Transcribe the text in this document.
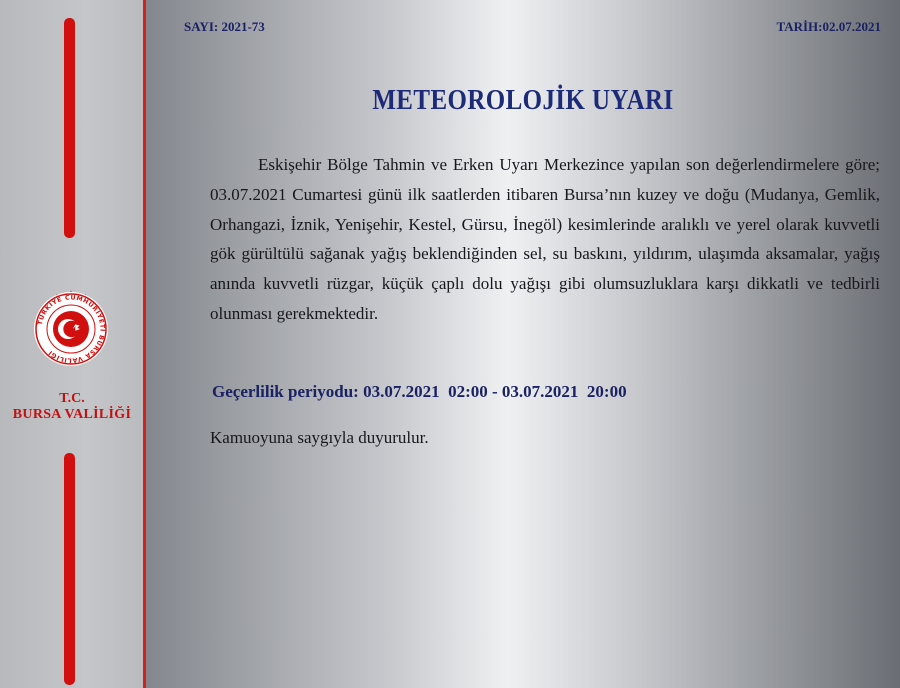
TÜRKİYE CUMHURİYETİ BURSA VALİLİĞİ
T.C.
BURSA VALİLİĞİ
SAYI: 2021-73	TARİH:02.07.2021
METEOROLOJİK UYARI

Eskişehir Bölge Tahmin ve Erken Uyarı Merkezince yapılan son değerlendirmelere göre; 03.07.2021 Cumartesi günü ilk saatlerden itibaren Bursa’nın kuzey ve doğu (Mudanya, Gemlik, Orhangazi, İznik, Yenişehir, Kestel, Gürsu, İnegöl) kesimlerinde aralıklı ve yerel olarak kuvvetli gök gürültülü sağanak yağış beklendiğinden sel, su baskını, yıldırım, ulaşımda aksamalar, yağış anında kuvvetli rüzgar, küçük çaplı dolu yağışı gibi olumsuzluklara karşı dikkatli ve tedbirli olunması gerekmektedir.

Geçerlilik periyodu: 03.07.2021  02:00 - 03.07.2021  20:00

Kamuoyuna saygıyla duyurulur.
